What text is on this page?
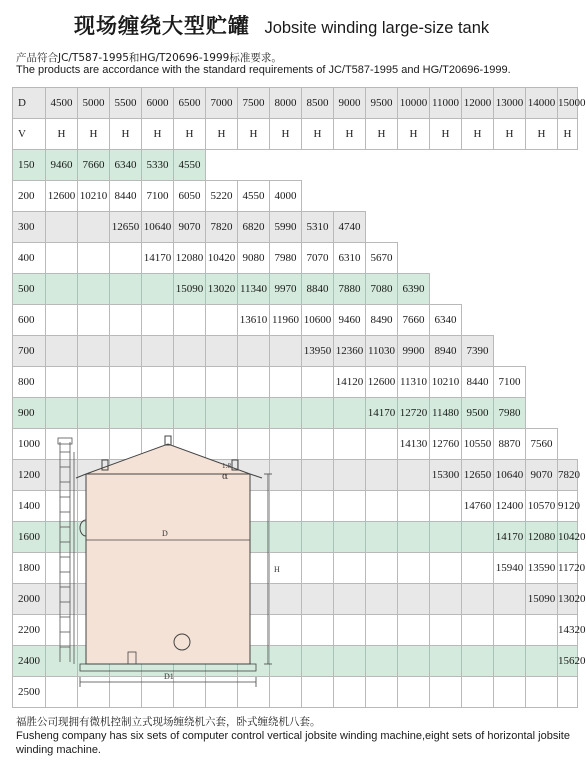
现场缠绕大型贮罐 Jobsite winding large-size tank
产品符合JC/T587-1995和HG/T20696-1999标准要求。
The products are accordance with the standard requirements of JC/T587-1995 and HG/T20696-1999.
D	4500	5000	5500	6000	6500	7000	7500	8000	8500	9000	9500	10000	11000	12000	13000	14000	15000	
V	H	H	H	H	H	H	H	H	H	H	H	H	H	H	H	H	H	
150	9460	7660	6340	5330	4550													
200	12600	10210	8440	7100	6050	5220	4550	4000										
300			12650	10640	9070	7820	6820	5990	5310	4740								
400				14170	12080	10420	9080	7980	7070	6310	5670							
500					15090	13020	11340	9970	8840	7880	7080	6390						
600							13610	11960	10600	9460	8490	7660	6340					
700									13950	12360	11030	9900	8940	7390				
800										14120	12600	11310	10210	8440	7100			
900											14170	12720	11480	9500	7980			
1000												14130	12760	10550	8870	7560		
1200													15300	12650	10640	9070	7820	
1400														14760	12400	10570	9120	
1600															14170	12080	10420	
1800															15940	13590	11720	
2000																15090	13020	
2200																	14320	
2400																	15620	
2500																		
D
1:8
α
H
D1
福胜公司现拥有微机控制立式现场缠绕机六套，卧式缠绕机八套。
Fusheng company has six sets of computer control vertical jobsite winding machine,eight sets of horizontal jobsite winding machine.
